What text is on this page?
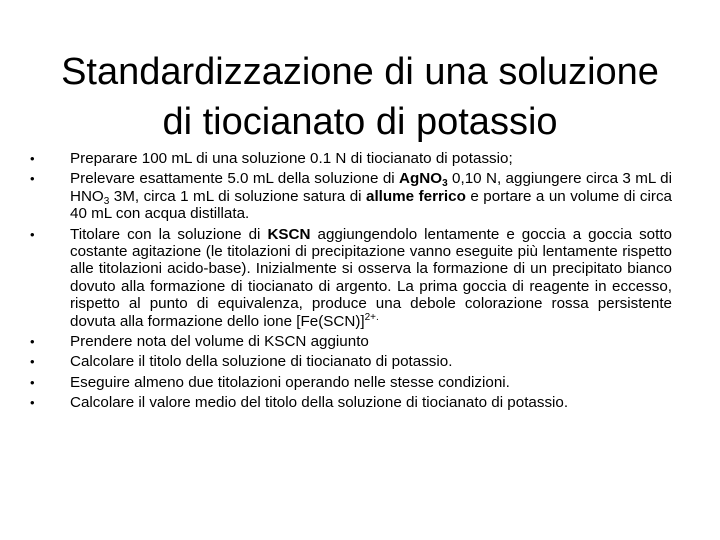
Standardizzazione di una soluzione
di tiocianato di potassio
• Preparare 100 mL di una soluzione 0.1 N di tiocianato di potassio;
• Prelevare esattamente 5.0 mL della soluzione di AgNO$_3$ 0,10 N, aggiungere circa 3 mL di $HNO_3$ 3M, circa 1 mL di soluzione satura di allume ferrico e portare a un volume di circa 40 mL con acqua distillata.
• Titolare con la soluzione di KSCN aggiungendolo lentamente e goccia a goccia sotto costante agitazione (le titolazioni di precipitazione vanno eseguite più lentamente rispetto alle titolazioni acido-base). Inizialmente si osserva la formazione di un precipitato bianco dovuto alla formazione di tiocianato di argento. La prima goccia di reagente in eccesso, rispetto al punto di equivalenza, produce una debole colorazione rossa persistente dovuta alla formazione dello ione $[Fe(SCN)]^{2+.}$
• Prendere nota del volume di KSCN aggiunto
• Calcolare il titolo della soluzione di tiocianato di potassio.
• Eseguire almeno due titolazioni operando nelle stesse condizioni.
• Calcolare il valore medio del titolo della soluzione di tiocianato di potassio.
